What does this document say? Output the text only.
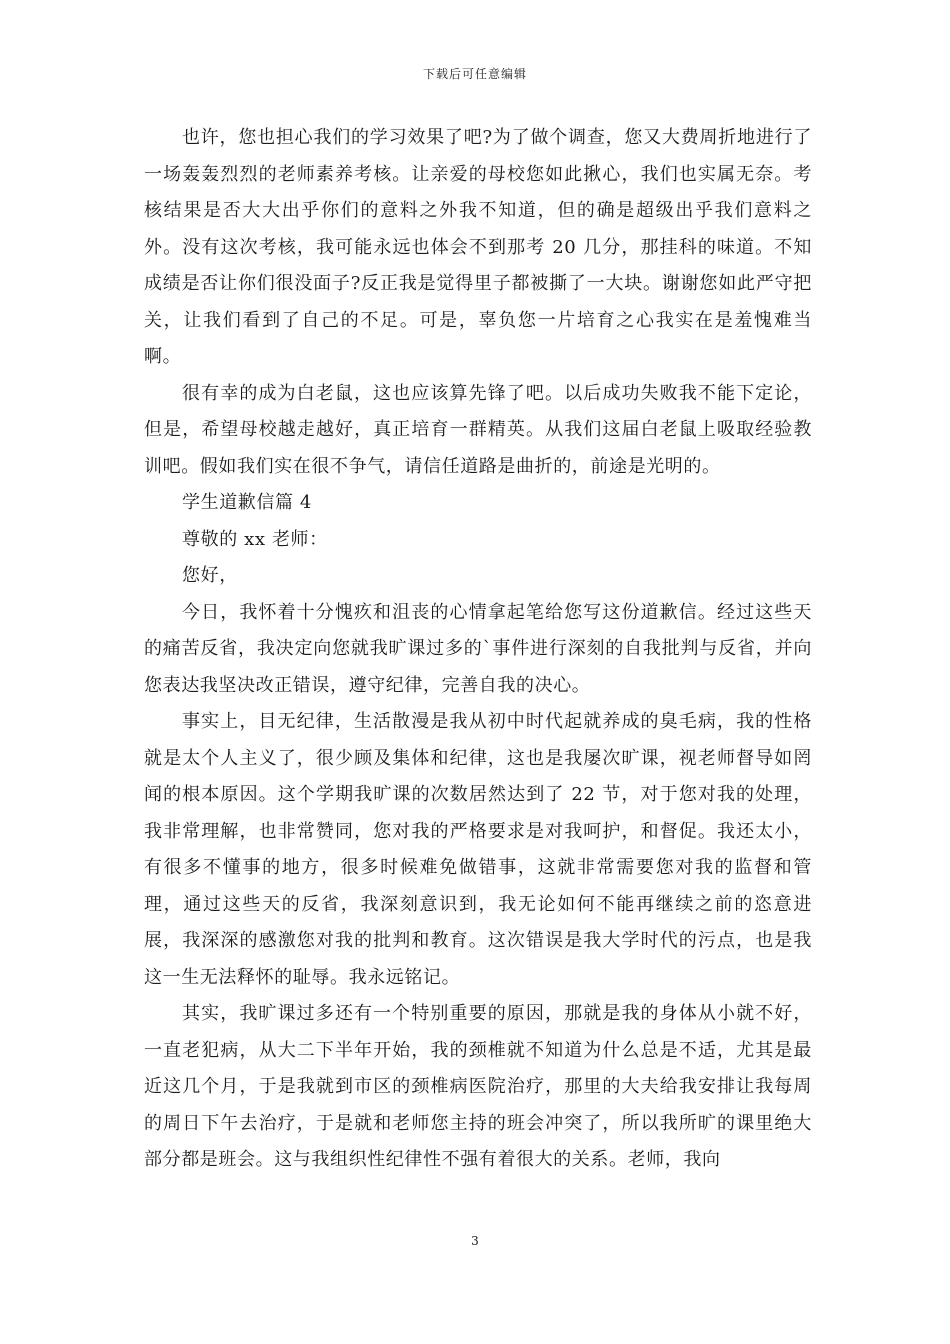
下载后可任意编辑

也许，您也担心我们的学习效果了吧?为了做个调查，您又大费周折地进行了一场轰轰烈烈的老师素养考核。让亲爱的母校您如此揪心，我们也实属无奈。考核结果是否大大出乎你们的意料之外我不知道，但的确是超级出乎我们意料之外。没有这次考核，我可能永远也体会不到那考 20 几分，那挂科的味道。不知成绩是否让你们很没面子?反正我是觉得里子都被撕了一大块。谢谢您如此严守把关，让我们看到了自己的不足。可是，辜负您一片培育之心我实在是羞愧难当啊。

很有幸的成为白老鼠，这也应该算先锋了吧。以后成功失败我不能下定论，但是，希望母校越走越好，真正培育一群精英。从我们这届白老鼠上吸取经验教训吧。假如我们实在很不争气，请信任道路是曲折的，前途是光明的。

学生道歉信篇 4

尊敬的 xx 老师：

您好，

今日，我怀着十分愧疚和沮丧的心情拿起笔给您写这份道歉信。经过这些天的痛苦反省，我决定向您就我旷课过多的`事件进行深刻的自我批判与反省，并向您表达我坚决改正错误，遵守纪律，完善自我的决心。

事实上，目无纪律，生活散漫是我从初中时代起就养成的臭毛病，我的性格就是太个人主义了，很少顾及集体和纪律，这也是我屡次旷课，视老师督导如罔闻的根本原因。这个学期我旷课的次数居然达到了 22 节，对于您对我的处理，我非常理解，也非常赞同，您对我的严格要求是对我呵护，和督促。我还太小，有很多不懂事的地方，很多时候难免做错事，这就非常需要您对我的监督和管理，通过这些天的反省，我深刻意识到，我无论如何不能再继续之前的恣意进展，我深深的感激您对我的批判和教育。这次错误是我大学时代的污点，也是我这一生无法释怀的耻辱。我永远铭记。

其实，我旷课过多还有一个特别重要的原因，那就是我的身体从小就不好，一直老犯病，从大二下半年开始，我的颈椎就不知道为什么总是不适，尤其是最近这几个月，于是我就到市区的颈椎病医院治疗，那里的大夫给我安排让我每周的周日下午去治疗，于是就和老师您主持的班会冲突了，所以我所旷的课里绝大部分都是班会。这与我组织性纪律性不强有着很大的关系。老师，我向

3
